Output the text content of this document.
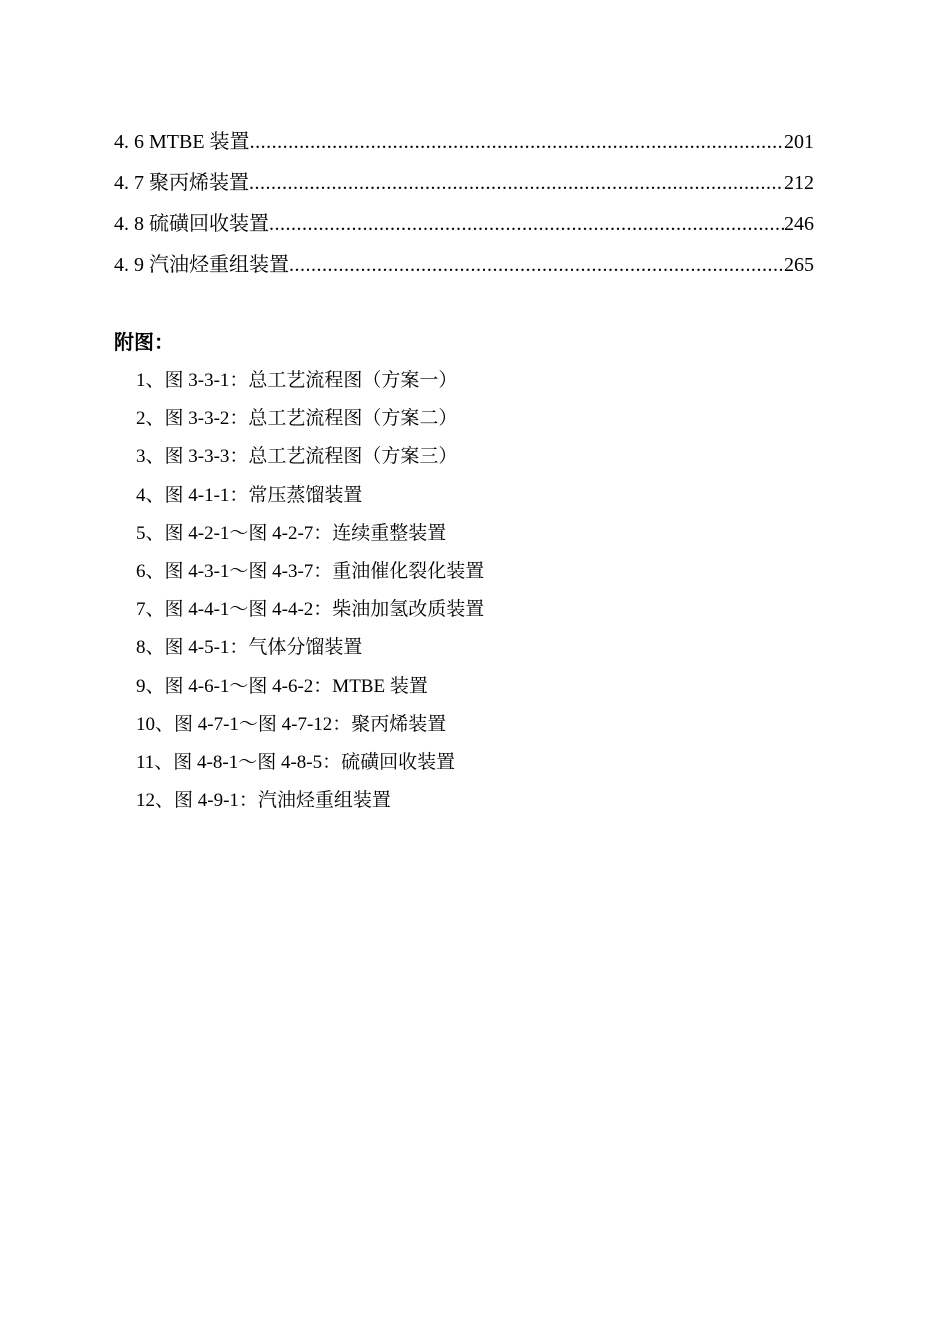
4. 6 MTBE 装置 .....	201
4. 7 聚丙烯装置 .....	212
4. 8 硫磺回收装置 .....	246
4. 9 汽油烃重组装置 .....	265
附图：
1、图 3-3-1：总工艺流程图（方案一）
2、图 3-3-2：总工艺流程图（方案二）
3、图 3-3-3：总工艺流程图（方案三）
4、图 4-1-1：常压蒸馏装置
5、图 4-2-1～图 4-2-7：连续重整装置
6、图 4-3-1～图 4-3-7：重油催化裂化装置
7、图 4-4-1～图 4-4-2：柴油加氢改质装置
8、图 4-5-1：气体分馏装置
9、图 4-6-1～图 4-6-2：MTBE 装置
10、图 4-7-1～图 4-7-12：聚丙烯装置
11、图 4-8-1～图 4-8-5：硫磺回收装置
12、图 4-9-1：汽油烃重组装置
